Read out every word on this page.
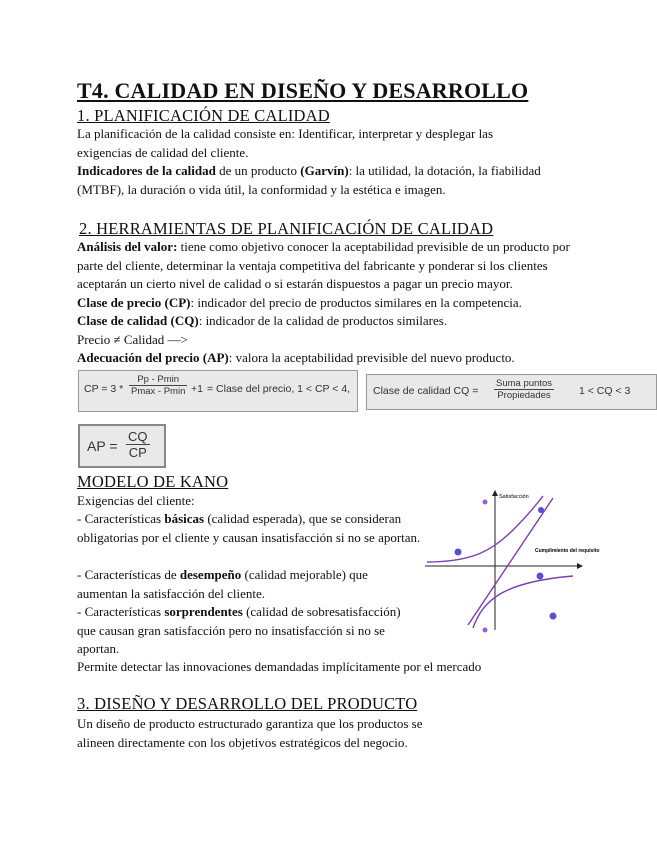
T4. CALIDAD EN DISEÑO Y DESARROLLO
1. PLANIFICACIÓN DE CALIDAD

La planificación de la calidad consiste en: Identificar, interpretar y desplegar las exigencias de calidad del cliente.

Indicadores de la calidad de un producto (Garvín): la utilidad, la dotación, la fiabilidad (MTBF), la duración o vida útil, la conformidad y la estética e imagen.

2. HERRAMIENTAS DE PLANIFICACIÓN DE CALIDAD

Análisis del valor: tiene como objetivo conocer la aceptabilidad previsible de un producto por parte del cliente, determinar la ventaja competitiva del fabricante y ponderar si los clientes aceptarán un cierto nivel de calidad o si estarán dispuestos a pagar un precio mayor.

Clase de precio (CP): indicador del precio de productos similares en la competencia.

Clase de calidad (CQ): indicador de la calidad de productos similares.

Precio ≠ Calidad —>

Adecuación del precio (AP): valora la aceptabilidad previsible del nuevo producto.

CP = 3 *
Pp - Pmin
Pmax - Pmin +1 = Clase del precio, 1 < CP < 4, Clase de calidad CQ =
Suma puntos
Propiedades	1 < CQ < 3
AP = $\frac{CQ}{CP}$
MODELO DE KANO

Exigencias del cliente:

- Características básicas (calidad esperada), que se consideran obligatorias por el cliente y causan insatisfacción si no se aportan.

- Características de desempeño (calidad mejorable) que aumentan la satisfacción del cliente.

- Características sorprendentes (calidad de sobresatisfacción) que causan gran satisfacción pero no insatisfacción si no se aportan.

Permite detectar las innovaciones demandadas implícitamente por el mercado

Satisfacción
Cumplimiento del requisito
3. DISEÑO Y DESARROLLO DEL PRODUCTO

Un diseño de producto estructurado garantiza que los productos se alineen directamente con los objetivos estratégicos del negocio.
